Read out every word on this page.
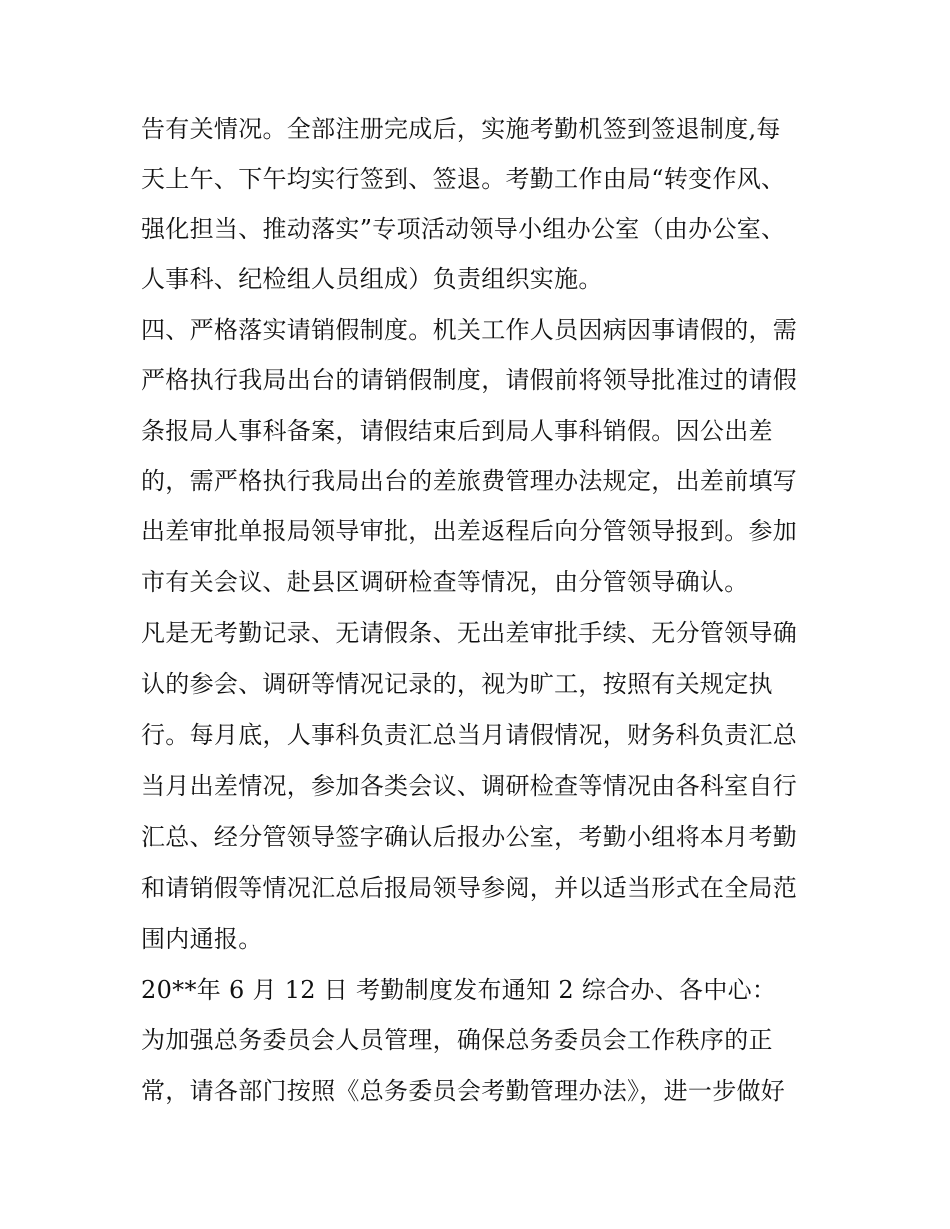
告有关情况。全部注册完成后，实施考勤机签到签退制度,每
天上午、下午均实行签到、签退。考勤工作由局“转变作风、
强化担当、推动落实”专项活动领导小组办公室（由办公室、
人事科、纪检组人员组成）负责组织实施。
四、严格落实请销假制度。机关工作人员因病因事请假的，需
严格执行我局出台的请销假制度，请假前将领导批准过的请假
条报局人事科备案，请假结束后到局人事科销假。因公出差
的，需严格执行我局出台的差旅费管理办法规定，出差前填写
出差审批单报局领导审批，出差返程后向分管领导报到。参加
市有关会议、赴县区调研检查等情况，由分管领导确认。
凡是无考勤记录、无请假条、无出差审批手续、无分管领导确
认的参会、调研等情况记录的，视为旷工，按照有关规定执
行。每月底，人事科负责汇总当月请假情况，财务科负责汇总
当月出差情况，参加各类会议、调研检查等情况由各科室自行
汇总、经分管领导签字确认后报办公室，考勤小组将本月考勤
和请销假等情况汇总后报局领导参阅，并以适当形式在全局范
围内通报。
20**年 6 月 12 日 考勤制度发布通知 2 综合办、各中心：
为加强总务委员会人员管理，确保总务委员会工作秩序的正
常，请各部门按照《总务委员会考勤管理办法》，进一步做好
